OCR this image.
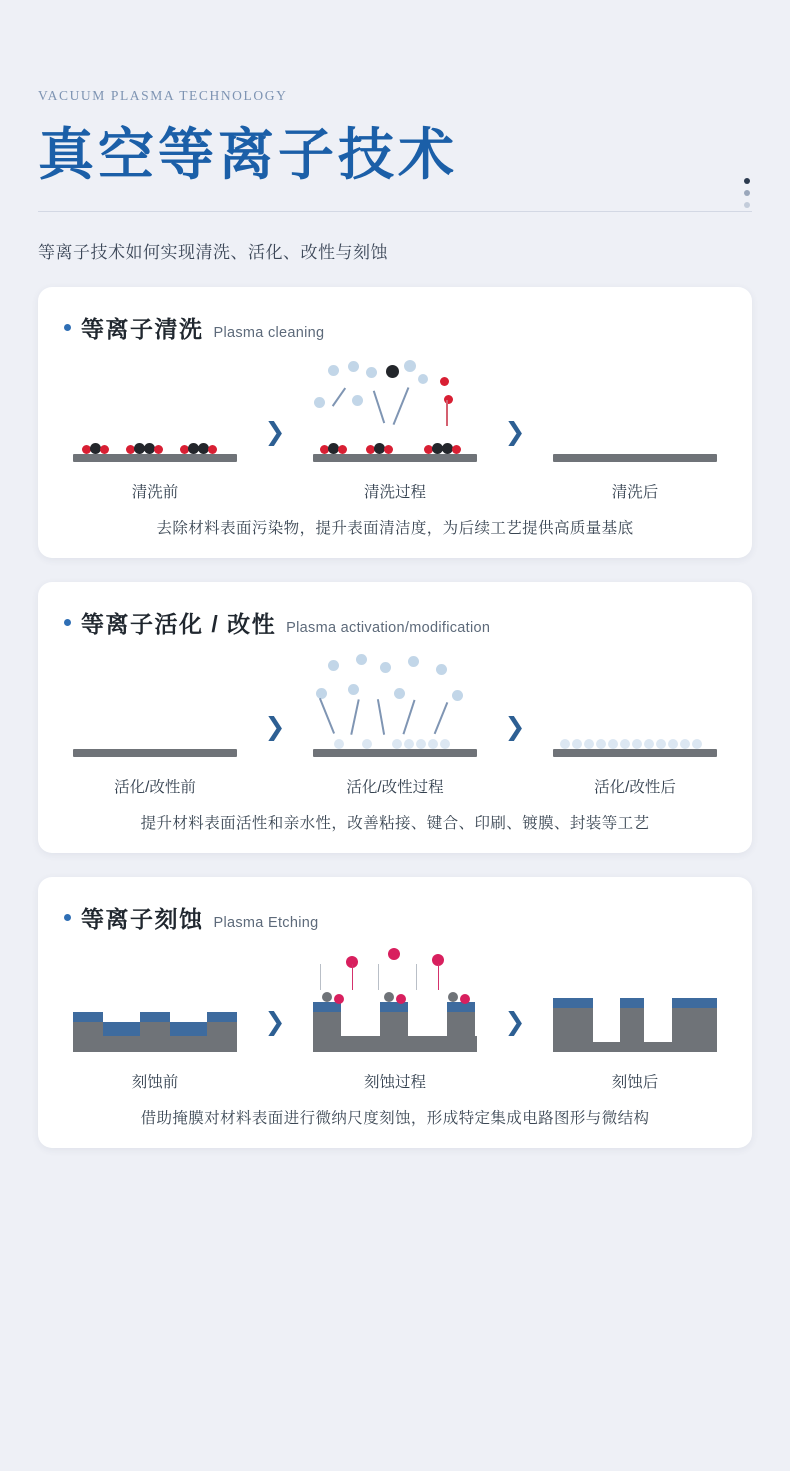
VACUUM PLASMA TECHNOLOGY
真空等离子技术
等离子技术如何实现清洗、活化、改性与刻蚀
等离子清洗 Plasma cleaning
清洗前
❯
清洗过程
❯
清洗后
去除材料表面污染物，提升表面清洁度，为后续工艺提供高质量基底
等离子活化 / 改性 Plasma activation/modification
活化/改性前
❯
活化/改性过程
❯
活化/改性后
提升材料表面活性和亲水性，改善粘接、键合、印刷、镀膜、封装等工艺
等离子刻蚀 Plasma Etching
刻蚀前
❯
刻蚀过程
❯
刻蚀后
借助掩膜对材料表面进行微纳尺度刻蚀，形成特定集成电路图形与微结构
